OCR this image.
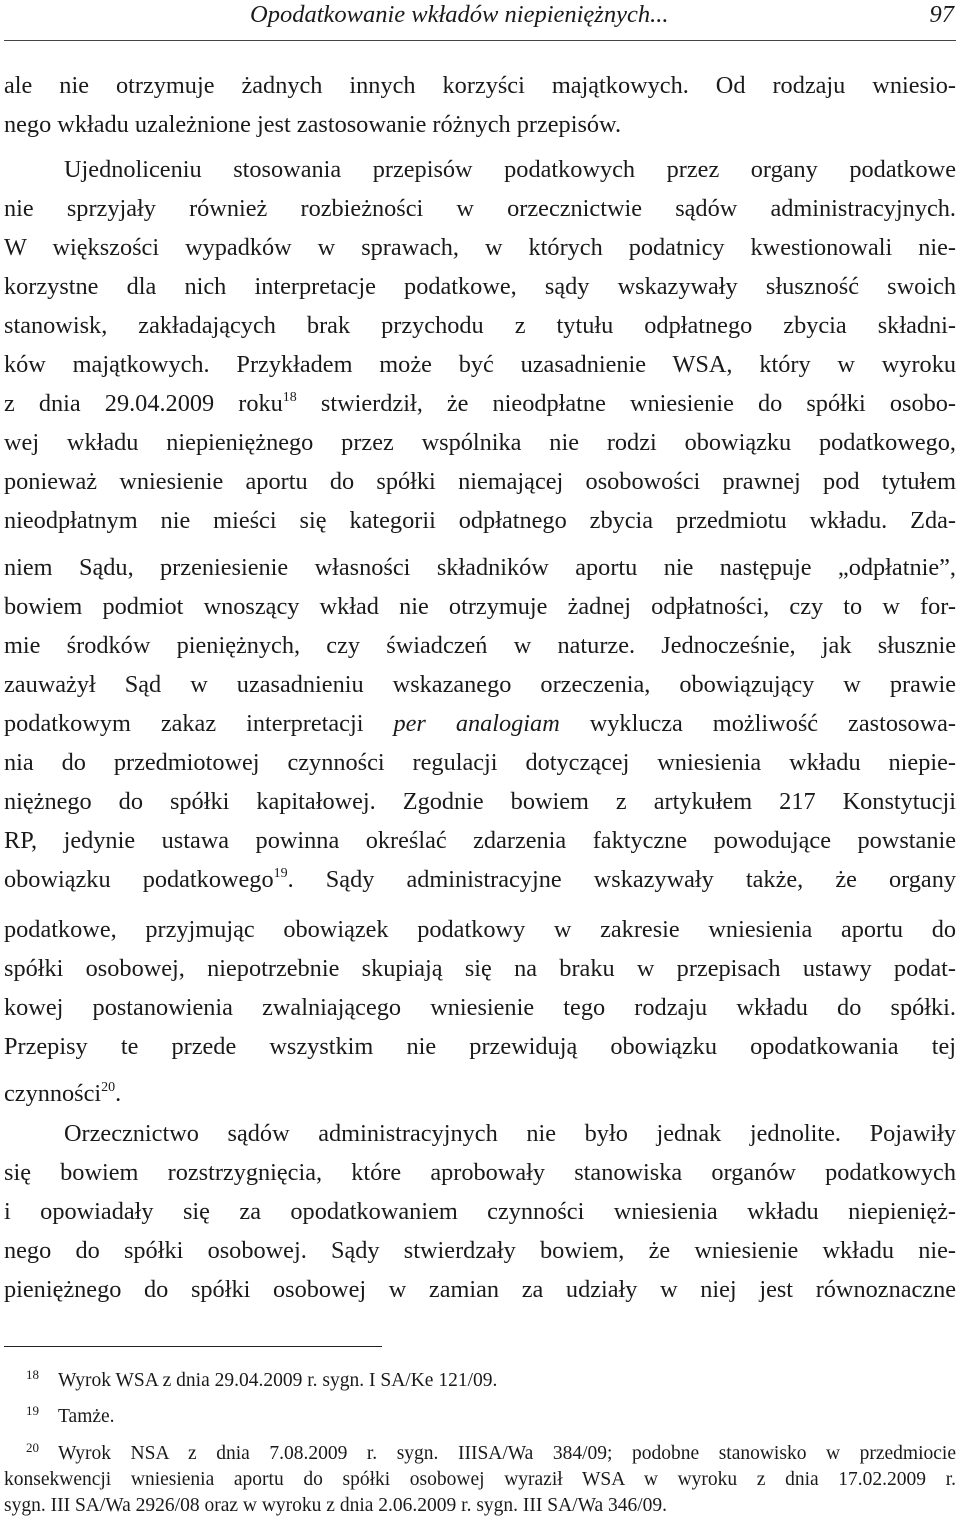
Opodatkowanie wkładów niepieniężnych...	97
ale nie otrzymuje żadnych innych korzyści majątkowych. Od rodzaju wniesio-
nego wkładu uzależnione jest zastosowanie różnych przepisów.
Ujednoliceniu stosowania przepisów podatkowych przez organy podatkowe
nie sprzyjały również rozbieżności w orzecznictwie sądów administracyjnych.
W większości wypadków w sprawach, w których podatnicy kwestionowali nie-
korzystne dla nich interpretacje podatkowe, sądy wskazywały słuszność swoich
stanowisk, zakładających brak przychodu z tytułu odpłatnego zbycia składni-
ków majątkowych. Przykładem może być uzasadnienie WSA, który w wyroku
z dnia 29.04.2009 roku$^{18}$ stwierdził, że nieodpłatne wniesienie do spółki osobo-
wej wkładu niepieniężnego przez wspólnika nie rodzi obowiązku podatkowego,
ponieważ wniesienie aportu do spółki niemającej osobowości prawnej pod tytułem
nieodpłatnym nie mieści się kategorii odpłatnego zbycia przedmiotu wkładu. Zda-
niem Sądu, przeniesienie własności składników aportu nie następuje „odpłatnie”,
bowiem podmiot wnoszący wkład nie otrzymuje żadnej odpłatności, czy to w for-
mie środków pieniężnych, czy świadczeń w naturze. Jednocześnie, jak słusznie
zauważył Sąd w uzasadnieniu wskazanego orzeczenia, obowiązujący w prawie
podatkowym zakaz interpretacji per analogiam wyklucza możliwość zastosowa-
nia do przedmiotowej czynności regulacji dotyczącej wniesienia wkładu niepie-
niężnego do spółki kapitałowej. Zgodnie bowiem z artykułem 217 Konstytucji
RP, jedynie ustawa powinna określać zdarzenia faktyczne powodujące powstanie
obowiązku podatkowego$^{19}$. Sądy administracyjne wskazywały także, że organy
podatkowe, przyjmując obowiązek podatkowy w zakresie wniesienia aportu do
spółki osobowej, niepotrzebnie skupiają się na braku w przepisach ustawy podat-
kowej postanowienia zwalniającego wniesienie tego rodzaju wkładu do spółki.
Przepisy te przede wszystkim nie przewidują obowiązku opodatkowania tej
czynności$^{20}$.
Orzecznictwo sądów administracyjnych nie było jednak jednolite. Pojawiły
się bowiem rozstrzygnięcia, które aprobowały stanowiska organów podatkowych
i opowiadały się za opodatkowaniem czynności wniesienia wkładu niepienięż-
nego do spółki osobowej. Sądy stwierdzały bowiem, że wniesienie wkładu nie-
pieniężnego do spółki osobowej w zamian za udziały w niej jest równoznaczne
18 Wyrok WSA z dnia 29.04.2009 r. sygn. I SA/Ke 121/09.
19 Tamże.
20 Wyrok NSA z dnia 7.08.2009 r. sygn. IIISA/Wa 384/09; podobne stanowisko w przedmiocie
konsekwencji wniesienia aportu do spółki osobowej wyraził WSA w wyroku z dnia 17.02.2009 r.
sygn. III SA/Wa 2926/08 oraz w wyroku z dnia 2.06.2009 r. sygn. III SA/Wa 346/09.
